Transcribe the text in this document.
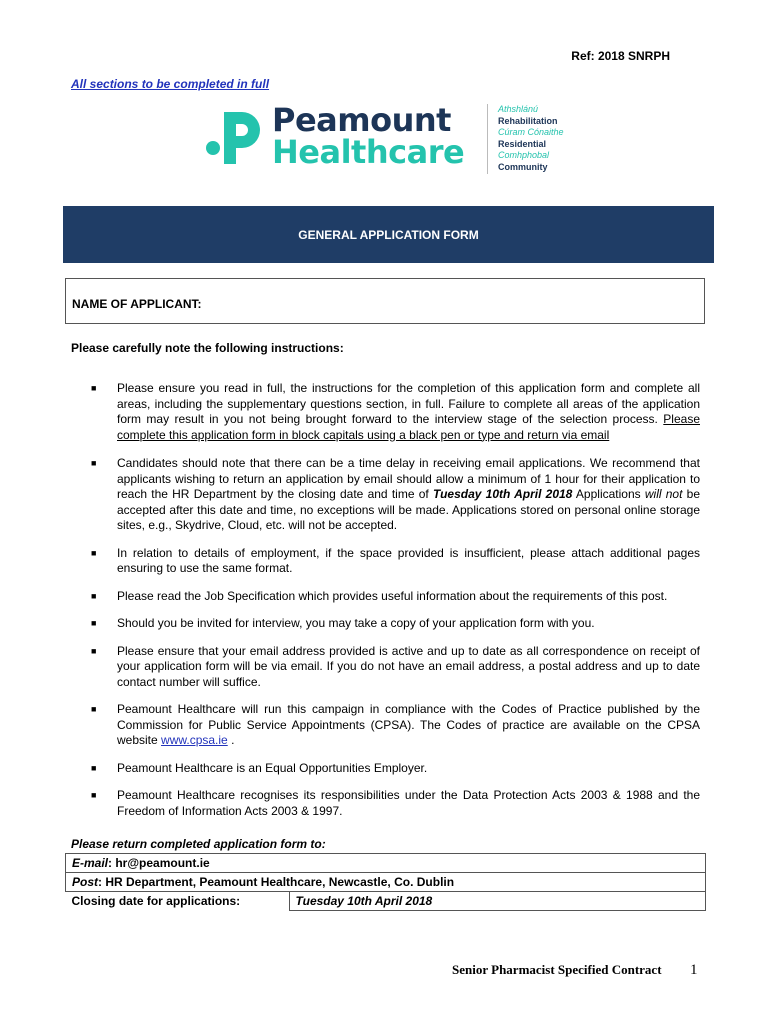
Ref: 2018 SNRPH
All sections to be completed in full
Peamount
Healthcare
Athshlánú
Rehabilitation
Cúram Cónaithe
Residential
Comhphobal
Community
GENERAL APPLICATION FORM
NAME OF APPLICANT:
Please carefully note the following instructions:
■ Please ensure you read in full, the instructions for the completion of this application form and complete all areas, including the supplementary questions section, in full. Failure to complete all areas of the application form may result in you not being brought forward to the interview stage of the selection process. Please complete this application form in block capitals using a black pen or type and return via email
■ Candidates should note that there can be a time delay in receiving email applications. We recommend that applicants wishing to return an application by email should allow a minimum of 1 hour for their application to reach the HR Department by the closing date and time of Tuesday 10th April 2018 Applications will not be accepted after this date and time, no exceptions will be made. Applications stored on personal online storage sites, e.g., Skydrive, Cloud, etc. will not be accepted.
■ In relation to details of employment, if the space provided is insufficient, please attach additional pages ensuring to use the same format.
■ Please read the Job Specification which provides useful information about the requirements of this post.
■ Should you be invited for interview, you may take a copy of your application form with you.
■ Please ensure that your email address provided is active and up to date as all correspondence on receipt of your application form will be via email. If you do not have an email address, a postal address and up to date contact number will suffice.
■ Peamount Healthcare will run this campaign in compliance with the Codes of Practice published by the Commission for Public Service Appointments (CPSA). The Codes of practice are available on the CPSA website www.cpsa.ie .
■ Peamount Healthcare is an Equal Opportunities Employer.
■ Peamount Healthcare recognises its responsibilities under the Data Protection Acts 2003 & 1988 and the Freedom of Information Acts 2003 & 1997.
Please return completed application form to:
E-mail: hr@peamount.ie
Post: HR Department, Peamount Healthcare, Newcastle, Co. Dublin
Closing date for applications:	Tuesday 10th April 2018
Senior Pharmacist Specified Contract 1
